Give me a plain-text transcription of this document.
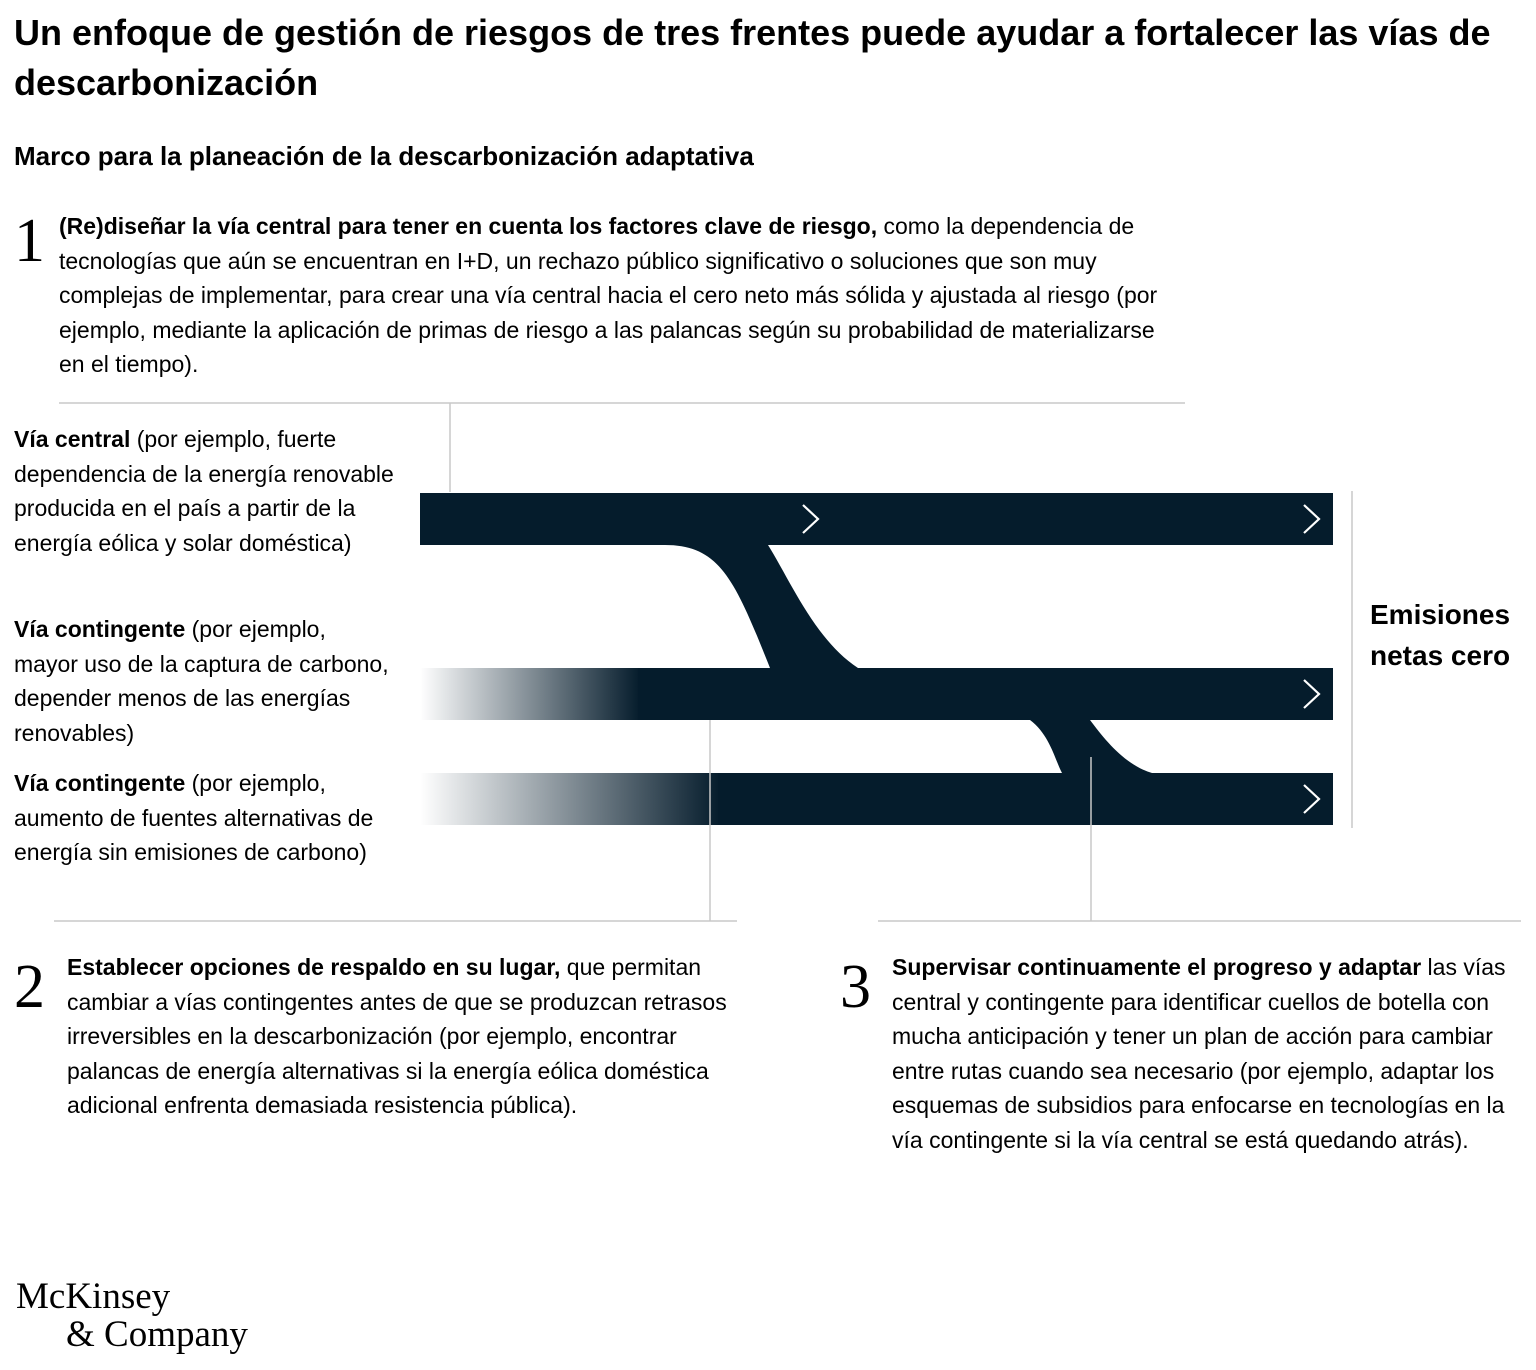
Un enfoque de gestión de riesgos de tres frentes puede ayudar a fortalecer las vías de descarbonización
Marco para la planeación de la descarbonización adaptativa
1 (Re)diseñar la vía central para tener en cuenta los factores clave de riesgo, como la dependencia de tecnologías que aún se encuentran en I+D, un rechazo público significativo o soluciones que son muy complejas de implementar, para crear una vía central hacia el cero neto más sólida y ajustada al riesgo (por ejemplo, mediante la aplicación de primas de riesgo a las palancas según su probabilidad de materializarse en el tiempo).

Vía central (por ejemplo, fuerte dependencia de la energía renovable producida en el país a partir de la energía eólica y solar doméstica)

Vía contingente (por ejemplo, mayor uso de la captura de carbono, depender menos de las energías renovables)

Vía contingente (por ejemplo, aumento de fuentes alternativas de energía sin emisiones de carbono)

Emisiones
netas cero
2 Establecer opciones de respaldo en su lugar, que permitan cambiar a vías contingentes antes de que se produzcan retrasos irreversibles en la descarbonización (por ejemplo, encontrar palancas de energía alternativas si la energía eólica doméstica adicional enfrenta demasiada resistencia pública).

3 Supervisar continuamente el progreso y adaptar las vías central y contingente para identificar cuellos de botella con mucha anticipación y tener un plan de acción para cambiar entre rutas cuando sea necesario (por ejemplo, adaptar los esquemas de subsidios para enfocarse en tecnologías en la vía contingente si la vía central se está quedando atrás).

McKinsey
& Company
